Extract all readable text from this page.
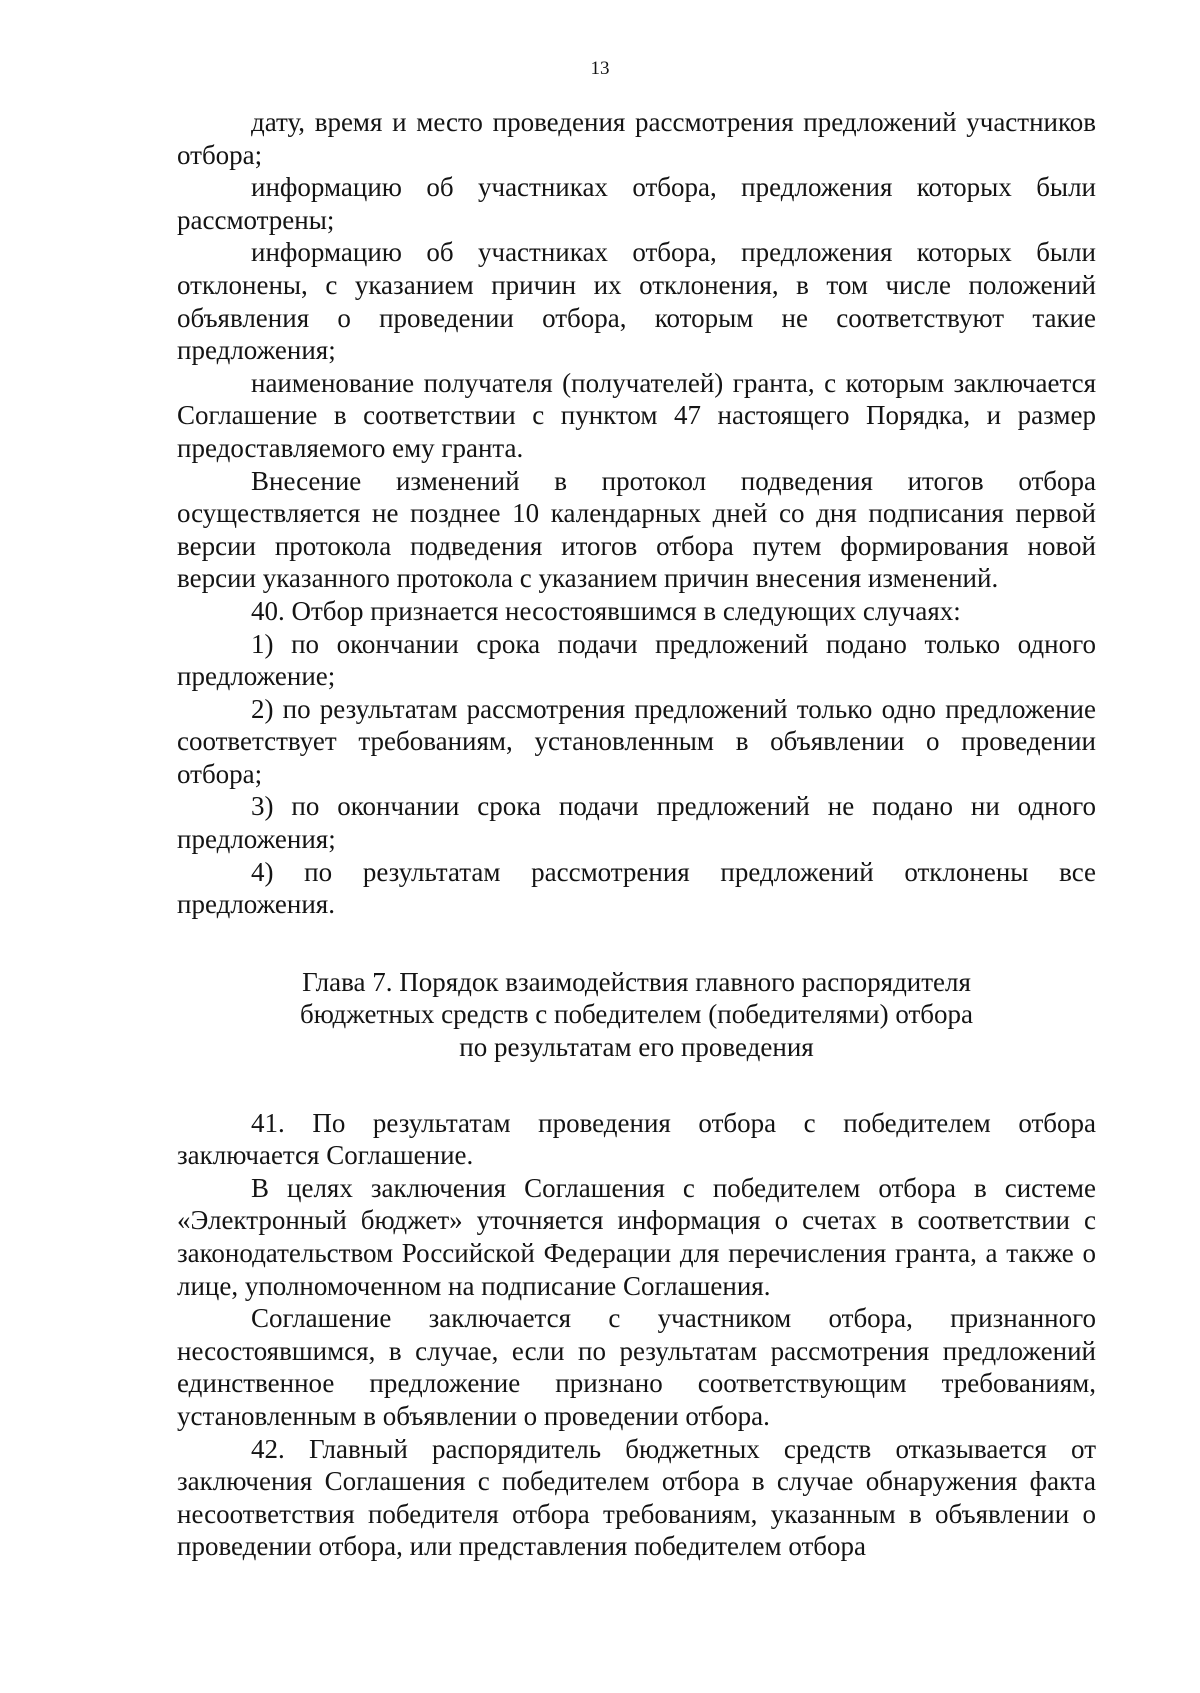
13

дату, время и место проведения рассмотрения предложений участников отбора;

информацию об участниках отбора, предложения которых были рассмотрены;

информацию об участниках отбора, предложения которых были отклонены, с указанием причин их отклонения, в том числе положений объявления о проведении отбора, которым не соответствуют такие предложения;

наименование получателя (получателей) гранта, с которым заключается Соглашение в соответствии с пунктом 47 настоящего Порядка, и размер предоставляемого ему гранта.

Внесение изменений в протокол подведения итогов отбора осуществляется не позднее 10 календарных дней со дня подписания первой версии протокола подведения итогов отбора путем формирования новой версии указанного протокола с указанием причин внесения изменений.

40. Отбор признается несостоявшимся в следующих случаях:

1) по окончании срока подачи предложений подано только одного предложение;

2) по результатам рассмотрения предложений только одно предложение соответствует требованиям, установленным в объявлении о проведении отбора;

3) по окончании срока подачи предложений не подано ни одного предложения;

4) по результатам рассмотрения предложений отклонены все предложения.

Глава 7. Порядок взаимодействия главного распорядителя
бюджетных средств с победителем (победителями) отбора
по результатам его проведения

41. По результатам проведения отбора с победителем отбора заключается Соглашение.

В целях заключения Соглашения с победителем отбора в системе «Электронный бюджет» уточняется информация о счетах в соответствии с законодательством Российской Федерации для перечисления гранта, а также о лице, уполномоченном на подписание Соглашения.

Соглашение заключается с участником отбора, признанного несостоявшимся, в случае, если по результатам рассмотрения предложений единственное предложение признано соответствующим требованиям, установленным в объявлении о проведении отбора.

42. Главный распорядитель бюджетных средств отказывается от заключения Соглашения с победителем отбора в случае обнаружения факта несоответствия победителя отбора требованиям, указанным в объявлении о проведении отбора, или представления победителем отбора
